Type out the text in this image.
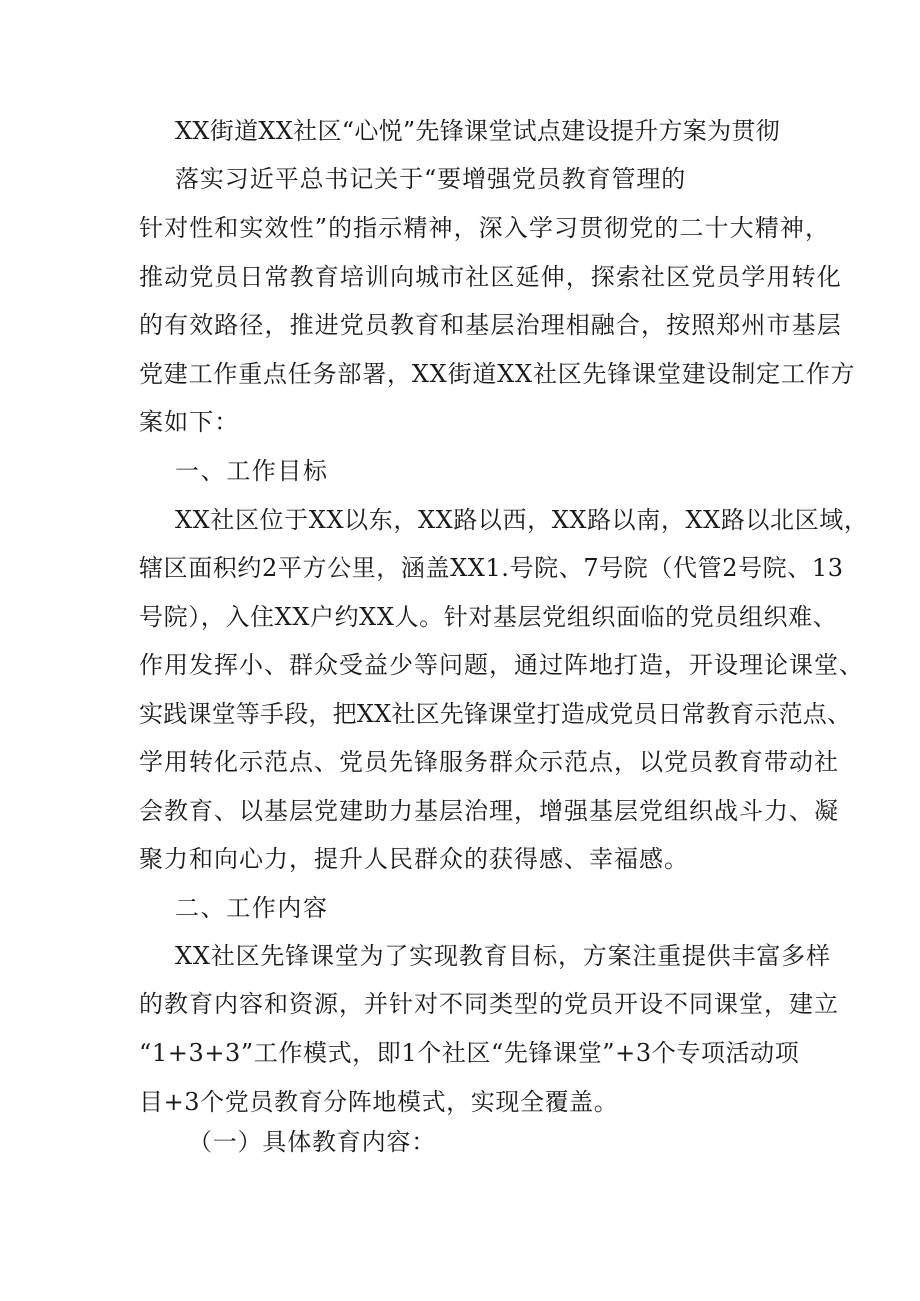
XX街道XX社区“心悦”先锋课堂试点建设提升方案为贯彻
落实习近平总书记关于“要增强党员教育管理的
针对性和实效性”的指示精神，深入学习贯彻党的二十大精神，
推动党员日常教育培训向城市社区延伸，探索社区党员学用转化
的有效路径，推进党员教育和基层治理相融合，按照郑州市基层
党建工作重点任务部署，XX街道XX社区先锋课堂建设制定工作方
案如下：
一、工作目标
XX社区位于XX以东，XX路以西，XX路以南，XX路以北区域，
辖区面积约2平方公里，涵盖XX1.号院、7号院（代管2号院、13
号院），入住XX户约XX人。针对基层党组织面临的党员组织难、
作用发挥小、群众受益少等问题，通过阵地打造，开设理论课堂、
实践课堂等手段，把XX社区先锋课堂打造成党员日常教育示范点、
学用转化示范点、党员先锋服务群众示范点，以党员教育带动社
会教育、以基层党建助力基层治理，增强基层党组织战斗力、凝
聚力和向心力，提升人民群众的获得感、幸福感。
二、工作内容
XX社区先锋课堂为了实现教育目标，方案注重提供丰富多样
的教育内容和资源，并针对不同类型的党员开设不同课堂，建立
“1+3+3”工作模式，即1个社区“先锋课堂”+3个专项活动项
目+3个党员教育分阵地模式，实现全覆盖。
（一）具体教育内容：
